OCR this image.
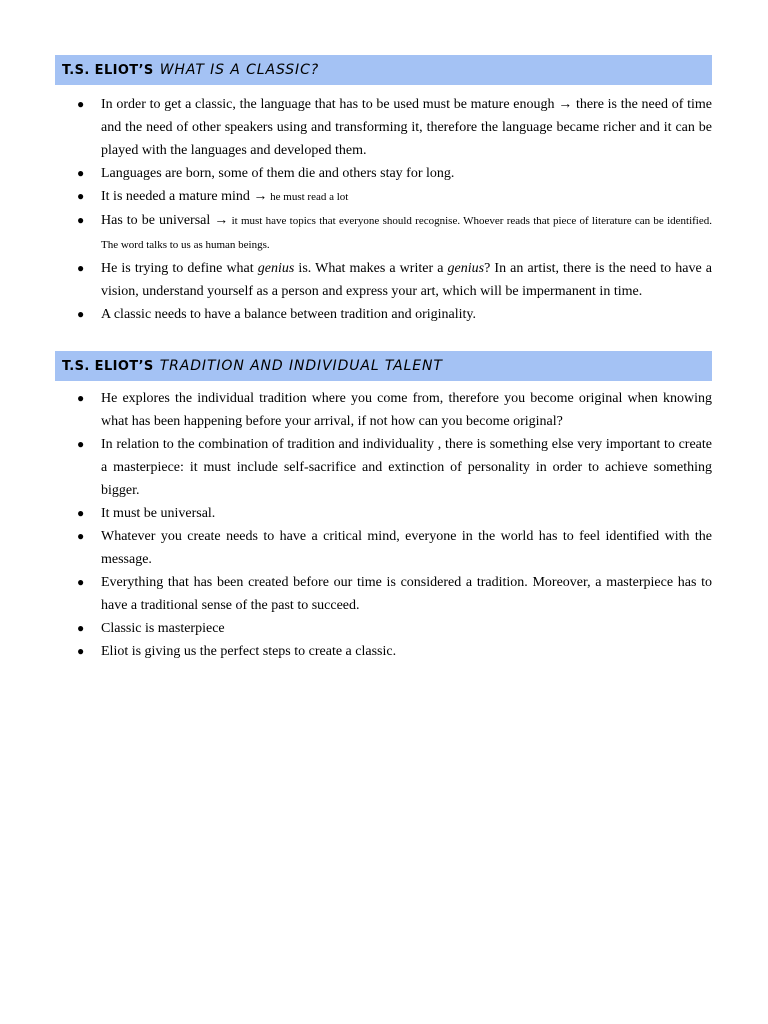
T.S. ELIOT’S WHAT IS A CLASSIC?
● In order to get a classic, the language that has to be used must be mature enough → there is the need of time and the need of other speakers using and transforming it, therefore the language became richer and it can be played with the languages and developed them.
● Languages are born, some of them die and others stay for long.
● It is needed a mature mind → he must read a lot
● Has to be universal → it must have topics that everyone should recognise. Whoever reads that piece of literature can be identified. The word talks to us as human beings.
● He is trying to define what genius is. What makes a writer a genius? In an artist, there is the need to have a vision, understand yourself as a person and express your art, which will be impermanent in time.
● A classic needs to have a balance between tradition and originality.
T.S. ELIOT’S TRADITION AND INDIVIDUAL TALENT
● He explores the individual tradition where you come from, therefore you become original when knowing what has been happening before your arrival, if not how can you become original?
● In relation to the combination of tradition and individuality , there is something else very important to create a masterpiece: it must include self-sacrifice and extinction of personality in order to achieve something bigger.
● It must be universal.
● Whatever you create needs to have a critical mind, everyone in the world has to feel identified with the message.
● Everything that has been created before our time is considered a tradition. Moreover, a masterpiece has to have a traditional sense of the past to succeed.
● Classic is masterpiece
● Eliot is giving us the perfect steps to create a classic.
